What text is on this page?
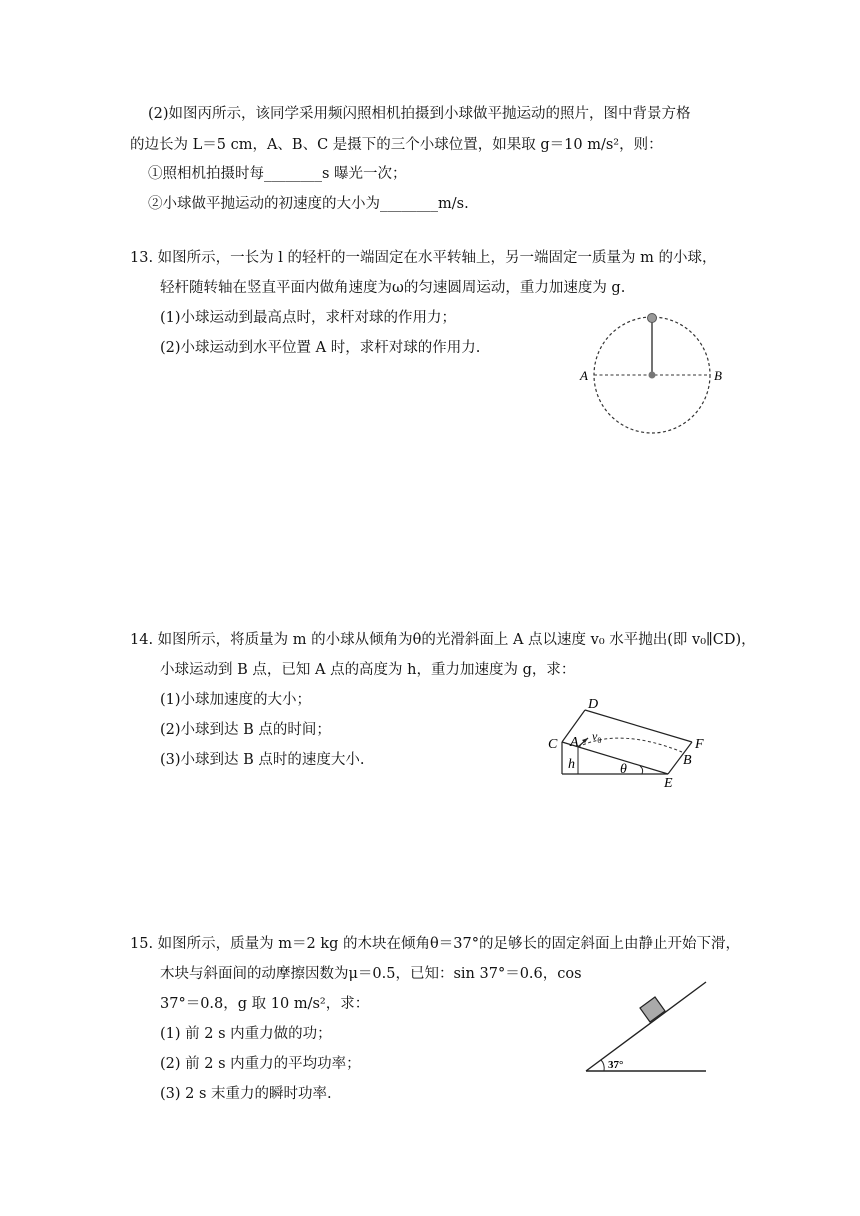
(2)如图丙所示，该同学采用频闪照相机拍摄到小球做平抛运动的照片，图中背景方格
的边长为 L＝5 cm，A、B、C 是摄下的三个小球位置，如果取 g＝10 m/s²，则：
①照相机拍摄时每________s 曝光一次；
②小球做平抛运动的初速度的大小为________m/s.
13. 如图所示，一长为 l 的轻杆的一端固定在水平转轴上，另一端固定一质量为 m 的小球，
轻杆随转轴在竖直平面内做角速度为ω的匀速圆周运动，重力加速度为 g.
(1)小球运动到最高点时，求杆对球的作用力；
(2)小球运动到水平位置 A 时，求杆对球的作用力.
A	B
14. 如图所示，将质量为 m 的小球从倾角为θ的光滑斜面上 A 点以速度 v₀ 水平抛出(即 v₀∥CD)，
小球运动到 B 点，已知 A 点的高度为 h，重力加速度为 g，求：
(1)小球加速度的大小；
(2)小球到达 B 点的时间；
(3)小球到达 B 点时的速度大小.
D
C A $v_0$
h	θ
F
B
E
15. 如图所示，质量为 m＝2 kg 的木块在倾角θ＝37°的足够长的固定斜面上由静止开始下滑，
木块与斜面间的动摩擦因数为μ＝0.5，已知：sin 37°＝0.6，cos
37°＝0.8，g 取 10 m/s²，求：
(1) 前 2 s 内重力做的功；
(2) 前 2 s 内重力的平均功率；
(3) 2 s 末重力的瞬时功率.
37°
